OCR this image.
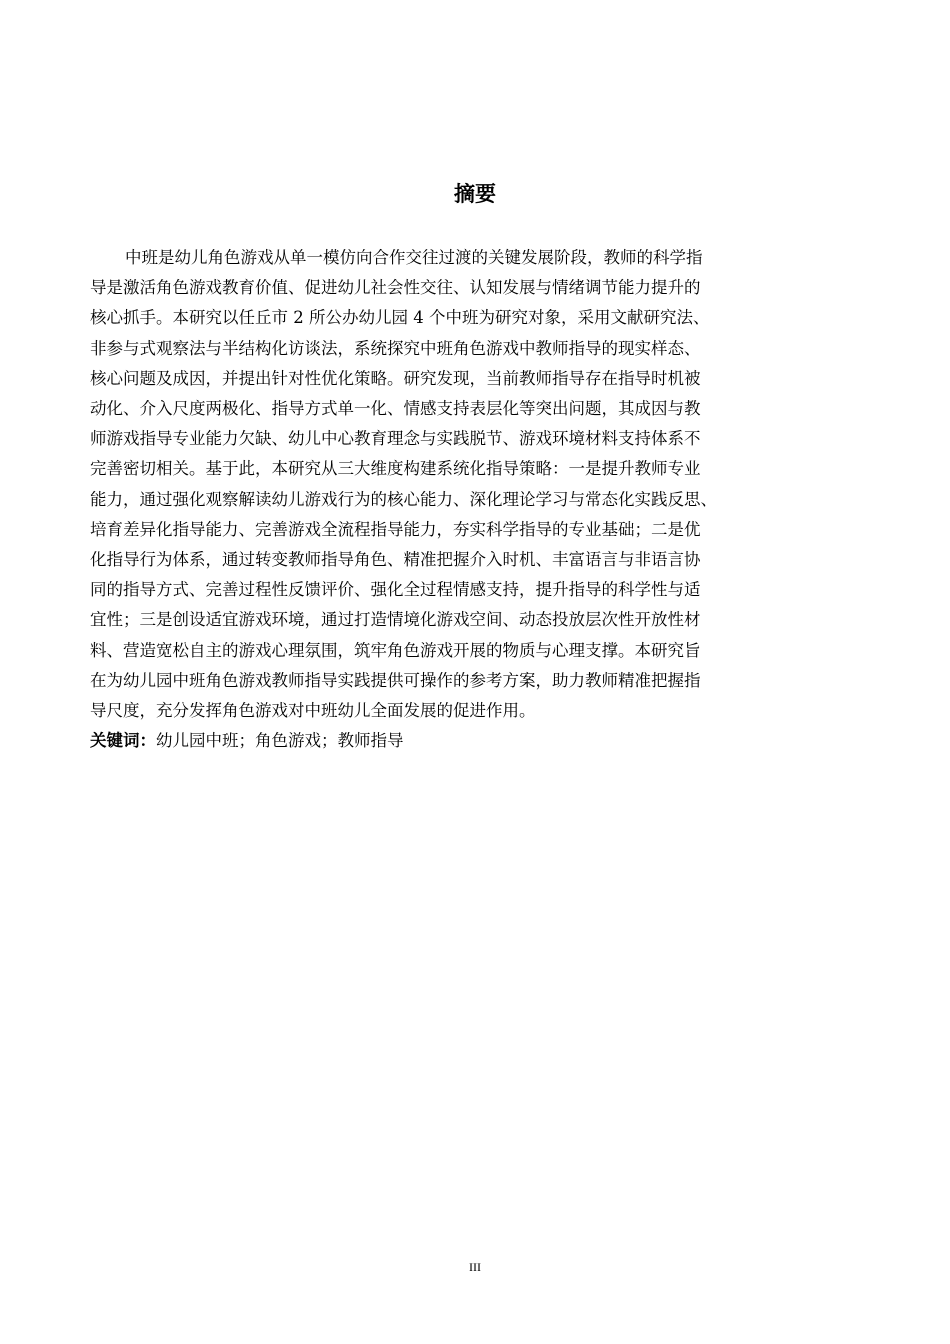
摘要
中班是幼儿角色游戏从单一模仿向合作交往过渡的关键发展阶段，教师的科学指
导是激活角色游戏教育价值、促进幼儿社会性交往、认知发展与情绪调节能力提升的
核心抓手。本研究以任丘市 2 所公办幼儿园 4 个中班为研究对象，采用文献研究法、
非参与式观察法与半结构化访谈法，系统探究中班角色游戏中教师指导的现实样态、
核心问题及成因，并提出针对性优化策略。研究发现，当前教师指导存在指导时机被
动化、介入尺度两极化、指导方式单一化、情感支持表层化等突出问题，其成因与教
师游戏指导专业能力欠缺、幼儿中心教育理念与实践脱节、游戏环境材料支持体系不
完善密切相关。基于此，本研究从三大维度构建系统化指导策略：一是提升教师专业
能力，通过强化观察解读幼儿游戏行为的核心能力、深化理论学习与常态化实践反思、
培育差异化指导能力、完善游戏全流程指导能力，夯实科学指导的专业基础；二是优
化指导行为体系，通过转变教师指导角色、精准把握介入时机、丰富语言与非语言协
同的指导方式、完善过程性反馈评价、强化全过程情感支持，提升指导的科学性与适
宜性；三是创设适宜游戏环境，通过打造情境化游戏空间、动态投放层次性开放性材
料、营造宽松自主的游戏心理氛围，筑牢角色游戏开展的物质与心理支撑。本研究旨
在为幼儿园中班角色游戏教师指导实践提供可操作的参考方案，助力教师精准把握指
导尺度，充分发挥角色游戏对中班幼儿全面发展的促进作用。
关键词：幼儿园中班；角色游戏；教师指导
III
